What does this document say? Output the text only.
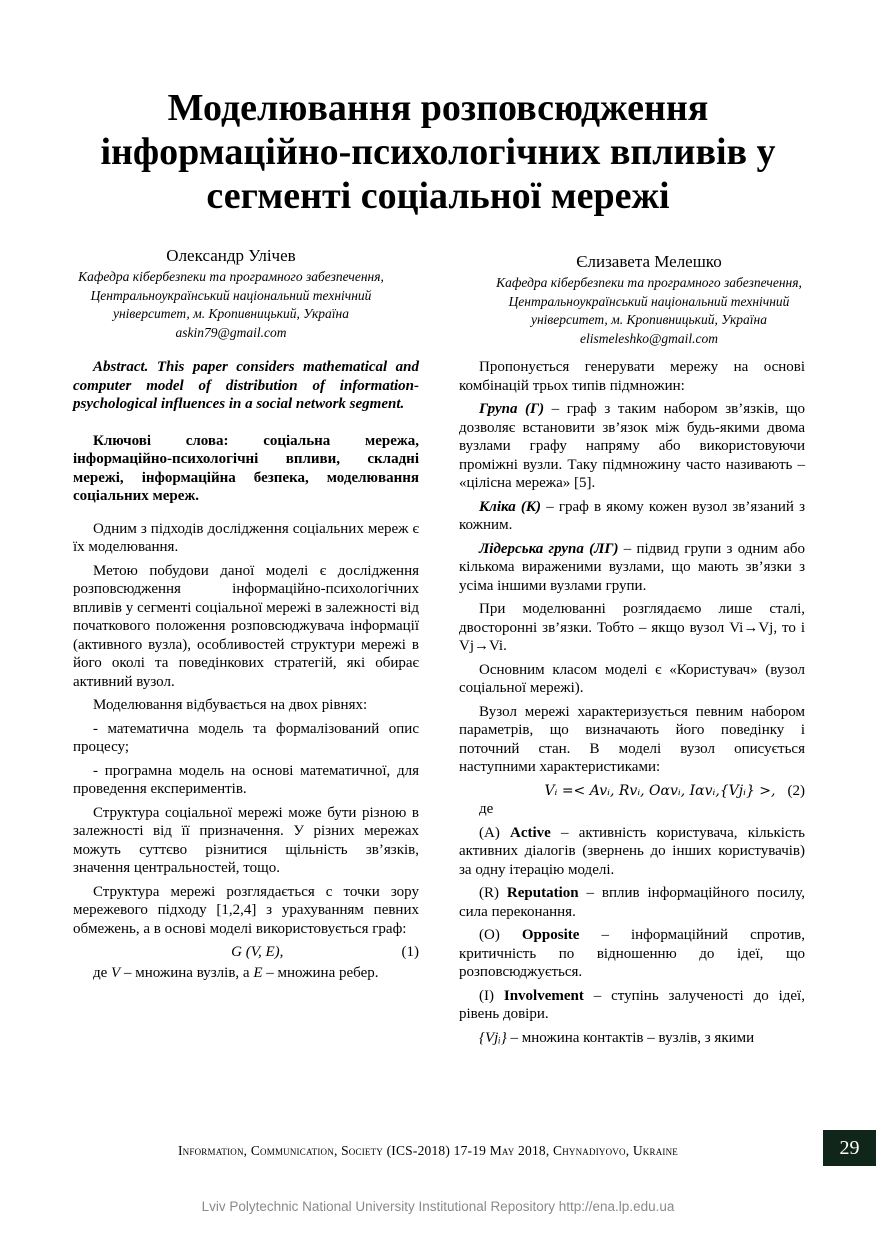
Моделювання розповсюдження
інформаційно-психологічних впливів у
сегменті соціальної мережі
Олександр Улічев
Кафедра кібербезпеки та програмного забезпечення,
Центральноукраїнський національний технічний
університет, м. Кропивницький, Україна
askin79@gmail.com
Єлизавета Мелешко
Кафедра кібербезпеки та програмного забезпечення,
Центральноукраїнський національний технічний
університет, м. Кропивницький, Україна
elismeleshko@gmail.com

Abstract. This paper considers mathematical and computer model of distribution of information-psychological influences in a social network segment.

Ключові слова: соціальна мережа, інформаційно-психологічні впливи, складні мережі, інформаційна безпека, моделювання соціальних мереж.

Одним з підходів дослідження соціальних мереж є їх моделювання.

Метою побудови даної моделі є дослідження розповсюдження інформаційно-психологічних впливів у сегменті соціальної мережі в залежності від початкового положення розповсюджувача інформації (активного вузла), особливостей структури мережі в його околі та поведінкових стратегій, які обирає активний вузол.

Моделювання відбувається на двох рівнях:

- математична модель та формалізований опис процесу;

- програмна модель на основі математичної, для проведення експериментів.

Структура соціальної мережі може бути різною в залежності від її призначення. У різних мережах можуть суттєво різнитися щільність зв’язків, значення центральностей, тощо.

Структура мережі розглядається с точки зору мережевого підходу [1,2,4] з урахуванням певних обмежень, а в основі моделі використовується граф:

G (V, E),	(1)

де V – множина вузлів, а E – множина ребер.

Пропонується генерувати мережу на основі комбінацій трьох типів підмножин:

Група (Г) – граф з таким набором зв’язків, що дозволяє встановити зв’язок між будь-якими двома вузлами графу напряму або використовуючи проміжні вузли. Таку підмножину часто називають – «цілісна мережа» [5].

Кліка (К) – граф в якому кожен вузол зв’язаний з кожним.

Лідерська група (ЛГ) – підвид групи з одним або кількома вираженими вузлами, що мають зв’язки з усіма іншими вузлами групи.

При моделюванні розглядаємо лише сталі, двосторонні зв’язки. Тобто – якщо вузол Vi→Vj, то і Vj→Vi.

Основним класом моделі є «Користувач» (вузол соціальної мережі).

Вузол мережі характеризується певним набором параметрів, що визначають його поведінку і поточний стан. В моделі вузол описується наступними характеристиками:

Vᵢ =< Avᵢ, Rvᵢ, Oαvᵢ, Iαvᵢ,{Vjᵢ} >, (2)

де

(A) Active – активність користувача, кількість активних діалогів (звернень до інших користувачів) за одну ітерацію моделі.

(R) Reputation – вплив інформаційного посилу, сила переконання.

(O) Opposite – інформаційний спротив, критичність по відношенню до ідеї, що розповсюджується.

(I) Involvement – ступінь залученості до ідеї, рівень довіри.

{Vjᵢ} – множина контактів – вузлів, з якими

Information, Communication, Society (ICS-2018) 17-19 May 2018, Chynadiyovo, Ukraine	29
Lviv Polytechnic National University Institutional Repository http://ena.lp.edu.ua
